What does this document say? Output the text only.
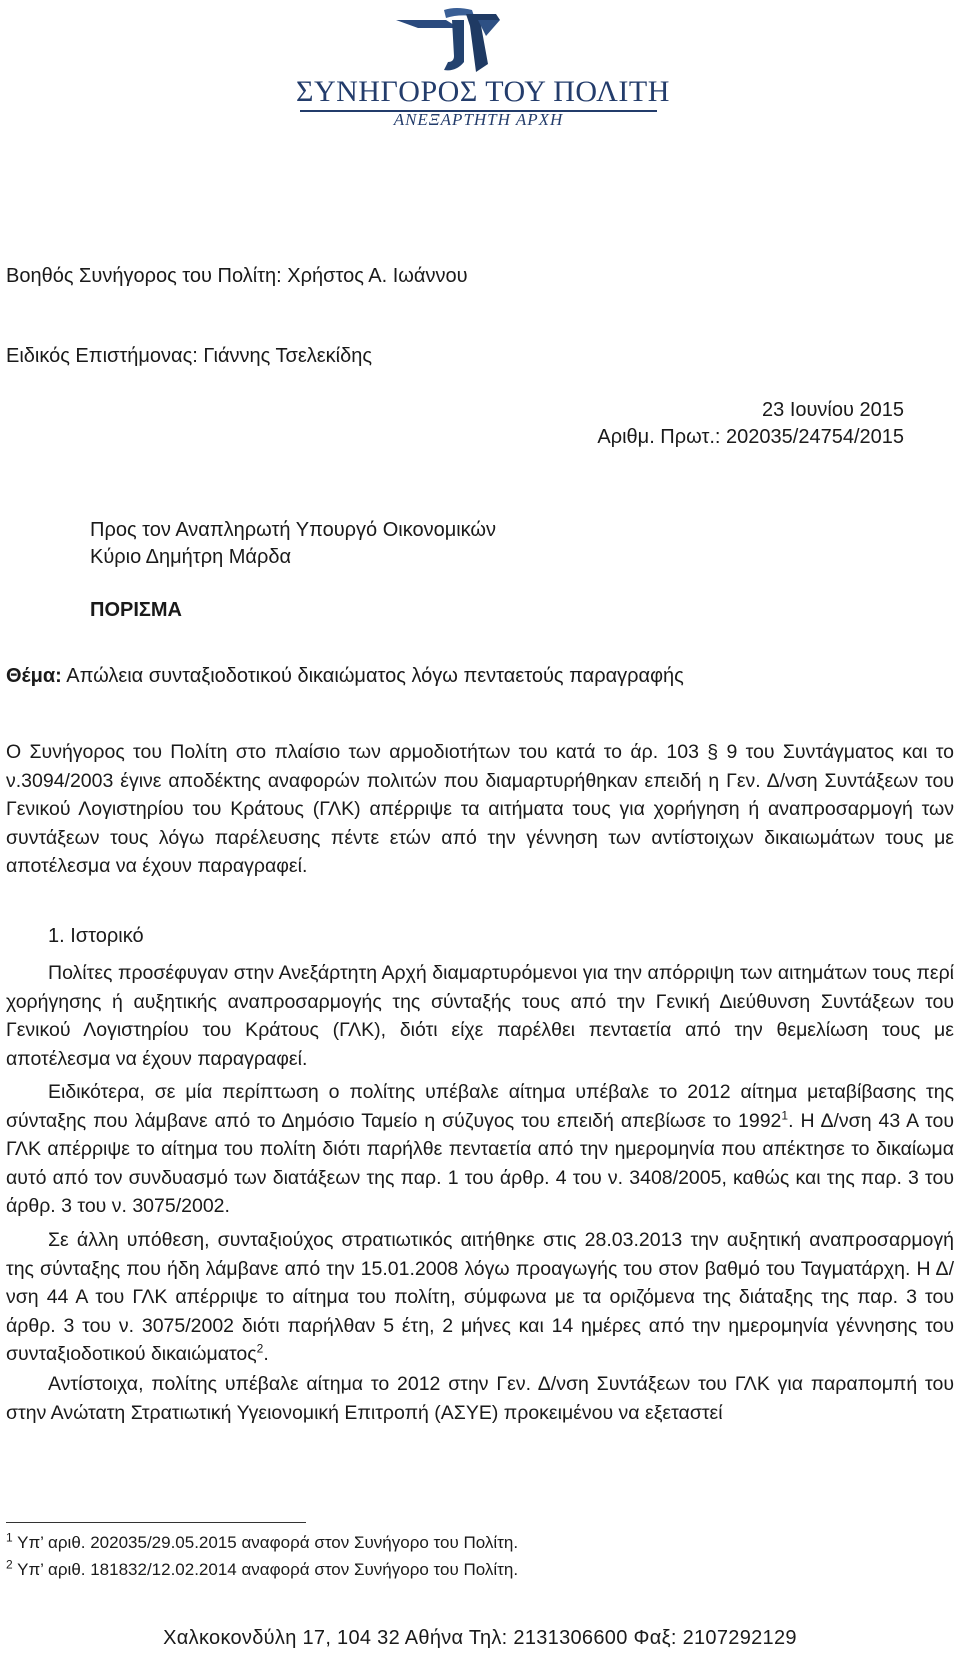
ΣΥΝΗΓΟΡΟΣ ΤΟΥ ΠΟΛΙΤΗ
ΑΝΕΞΑΡΤΗΤΗ ΑΡΧΗ
Βοηθός Συνήγορος του Πολίτη: Χρήστος Α. Ιωάννου
Ειδικός Επιστήμονας: Γιάννης Τσελεκίδης
23 Ιουνίου 2015
Αριθμ. Πρωτ.: 202035/24754/2015
Προς τον Αναπληρωτή Υπουργό Οικονομικών
Κύριο Δημήτρη Μάρδα
ΠΟΡΙΣΜΑ
Θέμα: Απώλεια συνταξιοδοτικού δικαιώματος λόγω πενταετούς παραγραφής

Ο Συνήγορος του Πολίτη στο πλαίσιο των αρμοδιοτήτων του κατά το άρ. 103 § 9 του Συντάγματος και το ν.3094/2003 έγινε αποδέκτης αναφορών πολιτών που διαμαρτυρήθηκαν επειδή η Γεν. Δ/νση Συντάξεων του Γενικού Λογιστηρίου του Κράτους (ΓΛΚ) απέρριψε τα αιτήματα τους για χορήγηση ή αναπροσαρμογή των συντάξεων τους λόγω παρέλευσης πέντε ετών από την γέννηση των αντίστοιχων δικαιωμάτων τους με αποτέλεσμα να έχουν παραγραφεί.

1. Ιστορικό

Πολίτες προσέφυγαν στην Ανεξάρτητη Αρχή διαμαρτυρόμενοι για την απόρριψη των αιτημάτων τους περί χορήγησης ή αυξητικής αναπροσαρμογής της σύνταξής τους από την Γενική Διεύθυνση Συντάξεων του Γενικού Λογιστηρίου του Κράτους (ΓΛΚ), διότι είχε παρέλθει πενταετία από την θεμελίωση τους με αποτέλεσμα να έχουν παραγραφεί.

Ειδικότερα, σε μία περίπτωση ο πολίτης υπέβαλε αίτημα υπέβαλε το 2012 αίτημα μεταβίβασης της σύνταξης που λάμβανε από το Δημόσιο Ταμείο η σύζυγος του επειδή απεβίωσε το 1992$^1$. Η Δ/νση 43 Α του ΓΛΚ απέρριψε το αίτημα του πολίτη διότι παρήλθε πενταετία από την ημερομηνία που απέκτησε το δικαίωμα αυτό από τον συνδυασμό των διατάξεων της παρ. 1 του άρθρ. 4 του ν. 3408/2005, καθώς και της παρ. 3 του άρθρ. 3 του ν. 3075/2002.

Σε άλλη υπόθεση, συνταξιούχος στρατιωτικός αιτήθηκε στις 28.03.2013 την αυξητική αναπροσαρμογή της σύνταξης που ήδη λάμβανε από την 15.01.2008 λόγω προαγωγής του στον βαθμό του Ταγματάρχη. Η Δ/νση 44 Α του ΓΛΚ απέρριψε το αίτημα του πολίτη, σύμφωνα με τα οριζόμενα της διάταξης της παρ. 3 του άρθρ. 3 του ν. 3075/2002 διότι παρήλθαν 5 έτη, 2 μήνες και 14 ημέρες από την ημερομηνία γέννησης του συνταξιοδοτικού δικαιώματος$^2$.

Αντίστοιχα, πολίτης υπέβαλε αίτημα το 2012 στην Γεν. Δ/νση Συντάξεων του ΓΛΚ για παραπομπή του στην Ανώτατη Στρατιωτική Υγειονομική Επιτροπή (ΑΣΥΕ) προκειμένου να εξεταστεί

$^1$ Υπ’ αριθ. 202035/29.05.2015 αναφορά στον Συνήγορο του Πολίτη.
$^2$ Υπ’ αριθ. 181832/12.02.2014 αναφορά στον Συνήγορο του Πολίτη.
Χαλκοκονδύλη 17, 104 32 Αθήνα Τηλ: 2131306600 Φαξ: 2107292129
